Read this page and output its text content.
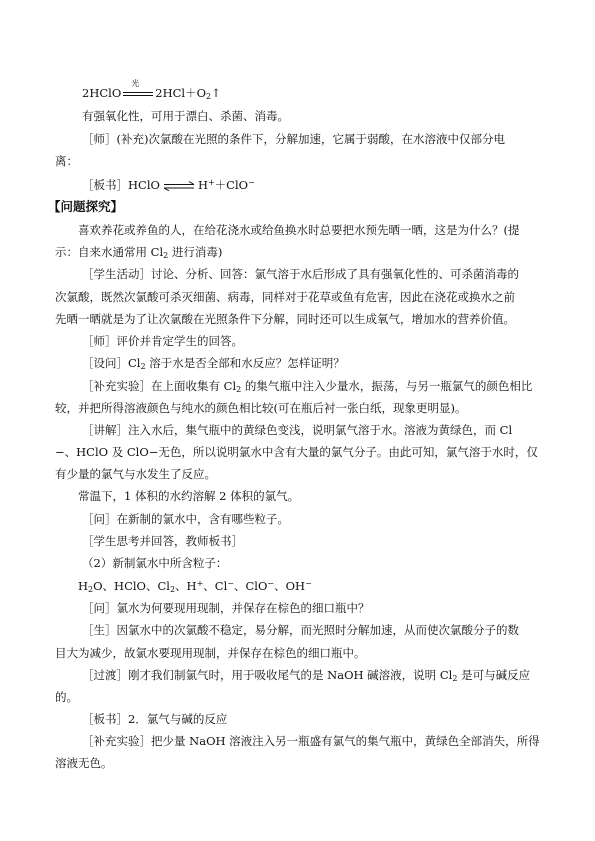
2HClO
光
$2HCl+O_2↑$
有强氧化性，可用于漂白、杀菌、消毒。
［师］(补充)次氯酸在光照的条件下，分解加速，它属于弱酸，在水溶液中仅部分电
离：
［板书］HClO ⇌ H+＋ClO−
【问题探究】
喜欢养花或养鱼的人，在给花浇水或给鱼换水时总要把水预先晒一晒，这是为什么？(提
示：自来水通常用 $Cl_2$ 进行消毒)
［学生活动］讨论、分析、回答：氯气溶于水后形成了具有强氧化性的、可杀菌消毒的
次氯酸，既然次氯酸可杀灭细菌、病毒，同样对于花草或鱼有危害，因此在浇花或换水之前
先晒一晒就是为了让次氯酸在光照条件下分解，同时还可以生成氧气，增加水的营养价值。
［师］评价并肯定学生的回答。
［设问$]Cl_2$ 溶于水是否全部和水反应？怎样证明？
［补充实验］在上面收集有 $Cl_2$ 的集气瓶中注入少量水，振荡，与另一瓶氯气的颜色相比
较，并把所得溶液颜色与纯水的颜色相比较(可在瓶后衬一张白纸，现象更明显)。
［讲解］注入水后，集气瓶中的黄绿色变浅，说明氯气溶于水。溶液为黄绿色，而 Cl
−、HClO 及 ClO−无色，所以说明氯水中含有大量的氯气分子。由此可知，氯气溶于水时，仅
有少量的氯气与水发生了反应。
常温下，1 体积的水约溶解 2 体积的氯气。
［问］在新制的氯水中，含有哪些粒子。
［学生思考并回答，教师板书］
（2）新制氯水中所含粒子：
$H_2O$、HClO、$Cl_2$、H+、Cl−、ClO−、OH−
［问］氯水为何要现用现制，并保存在棕色的细口瓶中？
［生］因氯水中的次氯酸不稳定，易分解，而光照时分解加速，从而使次氯酸分子的数
目大为减少，故氯水要现用现制，并保存在棕色的细口瓶中。
［过渡］刚才我们制氯气时，用于吸收尾气的是 NaOH 碱溶液，说明 $Cl_2$ 是可与碱反应
的。
［板书］2．氯气与碱的反应
［补充实验］把少量 NaOH 溶液注入另一瓶盛有氯气的集气瓶中，黄绿色全部消失，所得
溶液无色。
